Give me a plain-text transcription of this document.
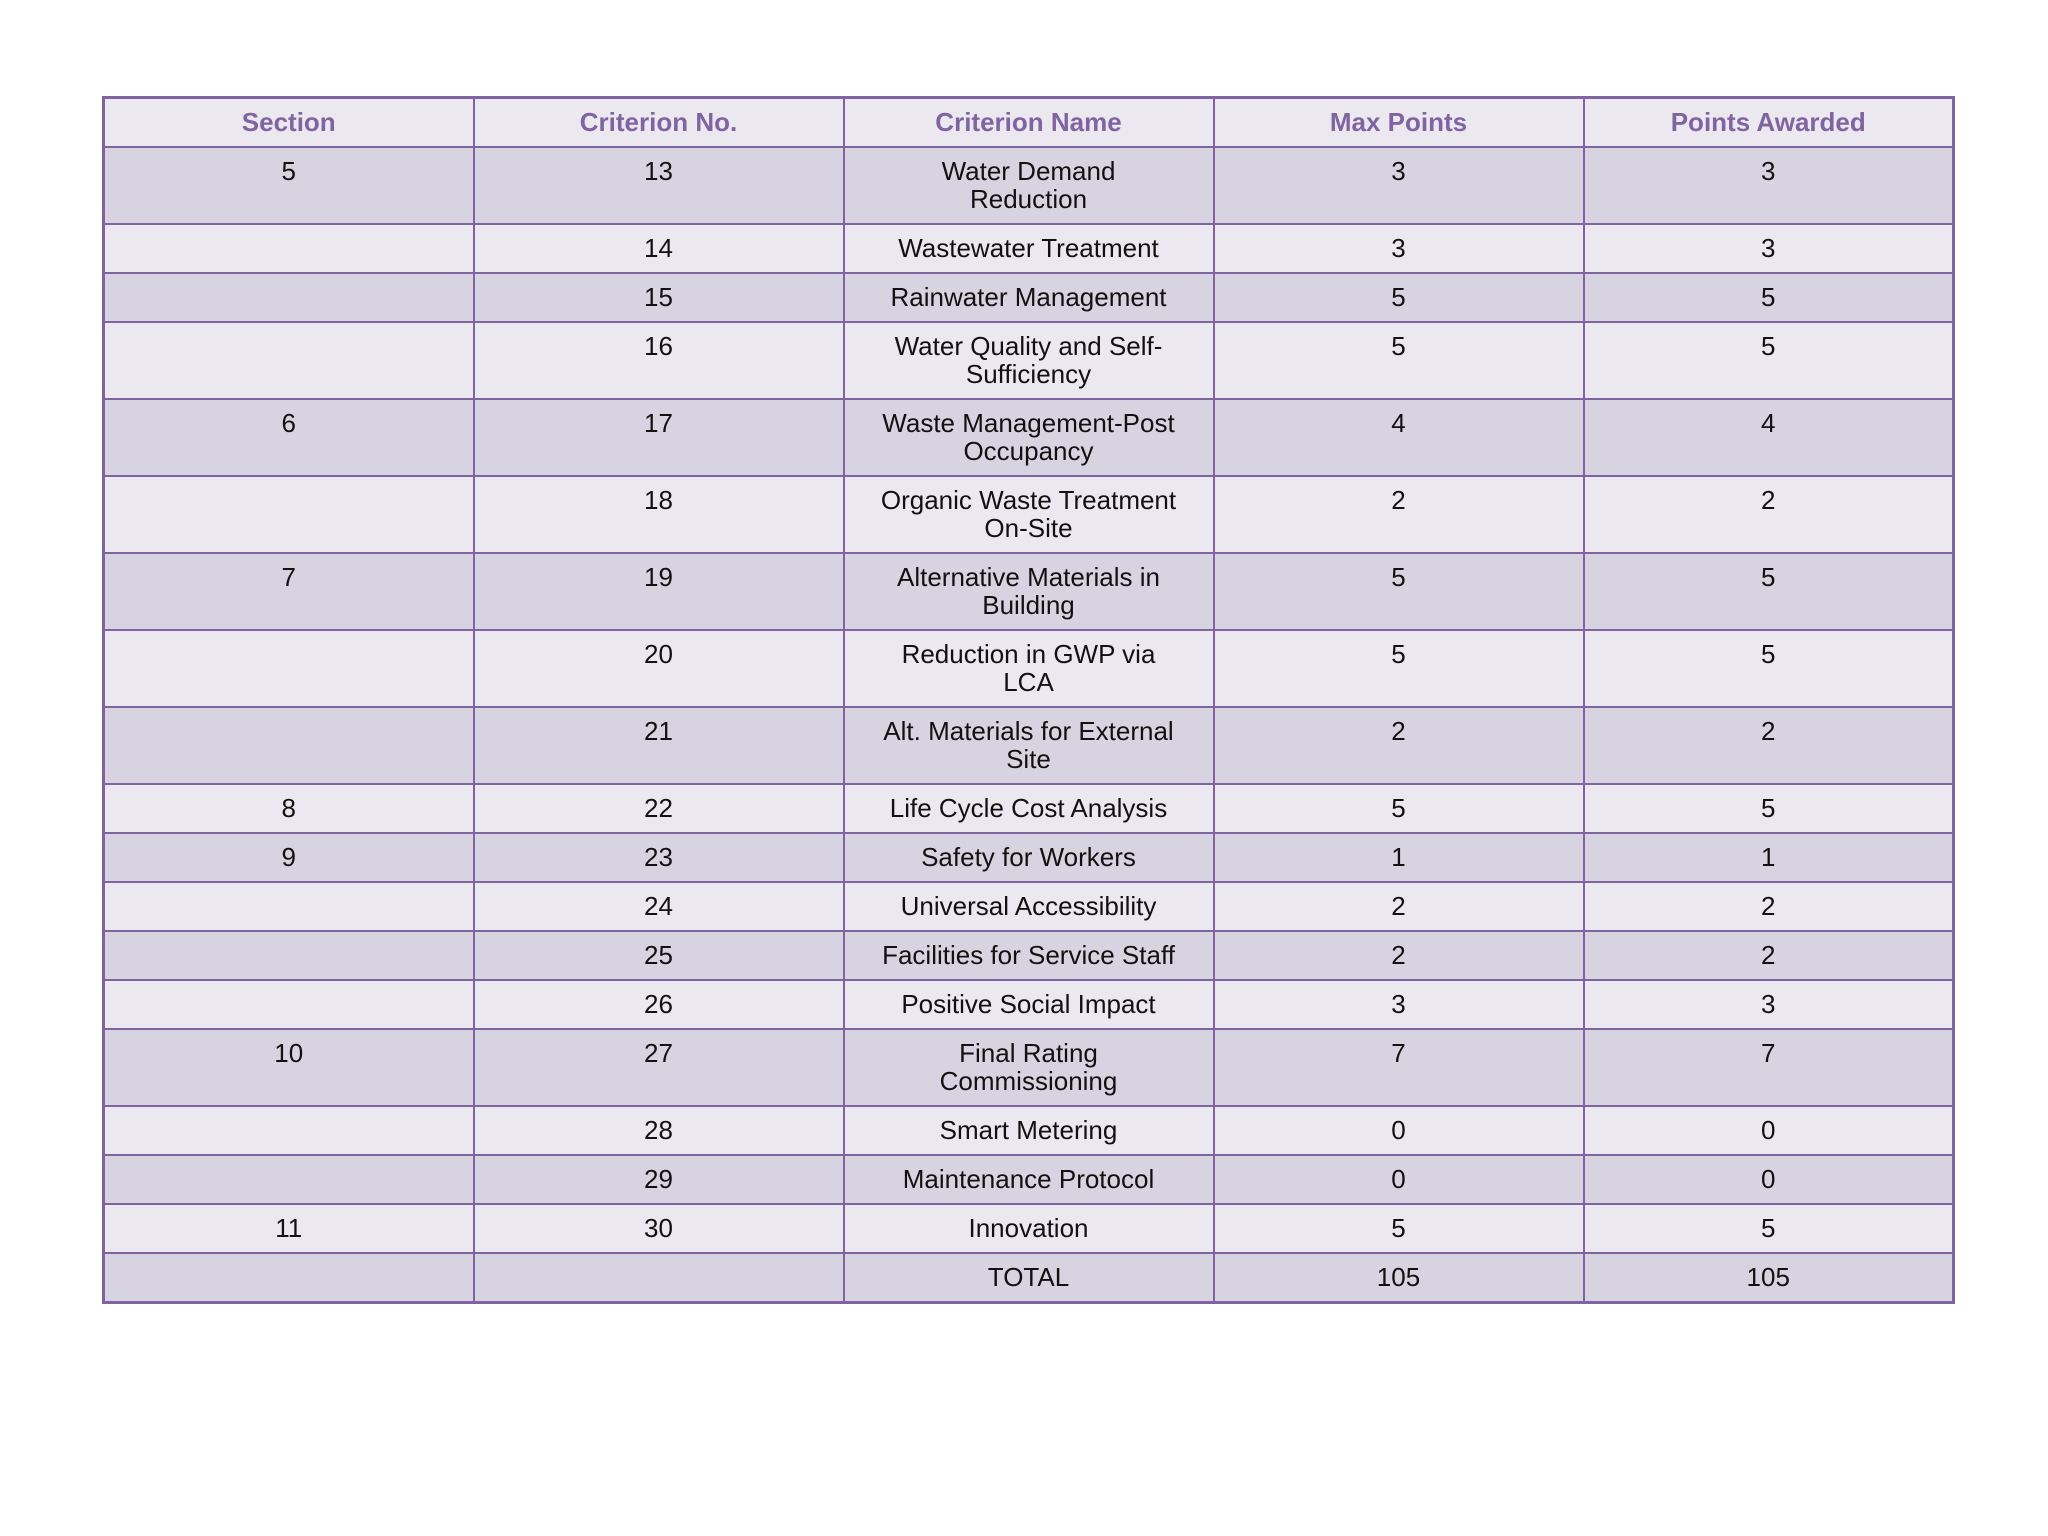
Section	Criterion No.	Criterion Name	Max Points	Points Awarded
5	13	Water Demand Reduction	3	3
	14	Wastewater Treatment	3	3
	15	Rainwater Management	5	5
	16	Water Quality and Self-Sufficiency	5	5
6	17	Waste Management-Post Occupancy	4	4
	18	Organic Waste Treatment On-Site	2	2
7	19	Alternative Materials in Building	5	5
	20	Reduction in GWP via LCA	5	5
	21	Alt. Materials for External Site	2	2
8	22	Life Cycle Cost Analysis	5	5
9	23	Safety for Workers	1	1
	24	Universal Accessibility	2	2
	25	Facilities for Service Staff	2	2
	26	Positive Social Impact	3	3
10	27	Final Rating Commissioning	7	7
	28	Smart Metering	0	0
	29	Maintenance Protocol	0	0
11	30	Innovation	5	5
		TOTAL	105	105
